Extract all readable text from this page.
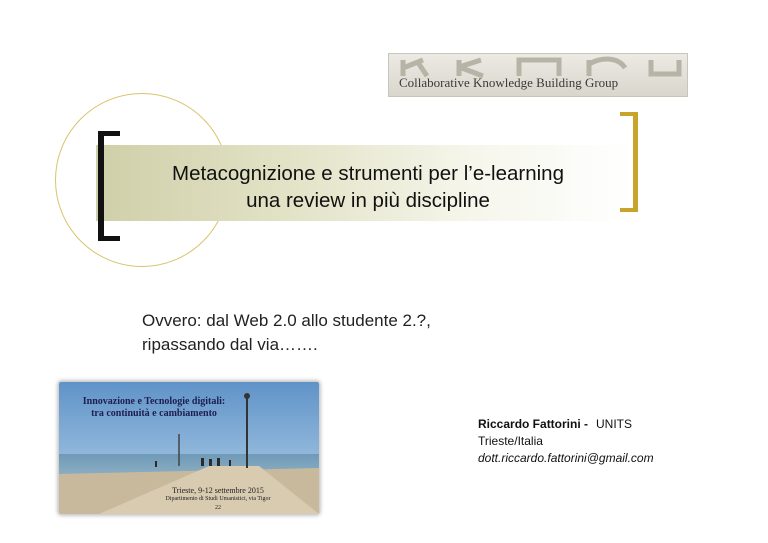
Collaborative Knowledge Building Group
Metacognizione e strumenti per l’e-learning
una review in più discipline
Ovvero: dal Web 2.0 allo studente 2.?,
ripassando dal via…….
Innovazione e Tecnologie digitali:
tra continuità e cambiamento
Trieste, 9-12 settembre 2015
Dipartimento di Studi Umanistici, via Tigor 22
Riccardo Fattorini - UNITS
Trieste/Italia
dott.riccardo.fattorini@gmail.com
